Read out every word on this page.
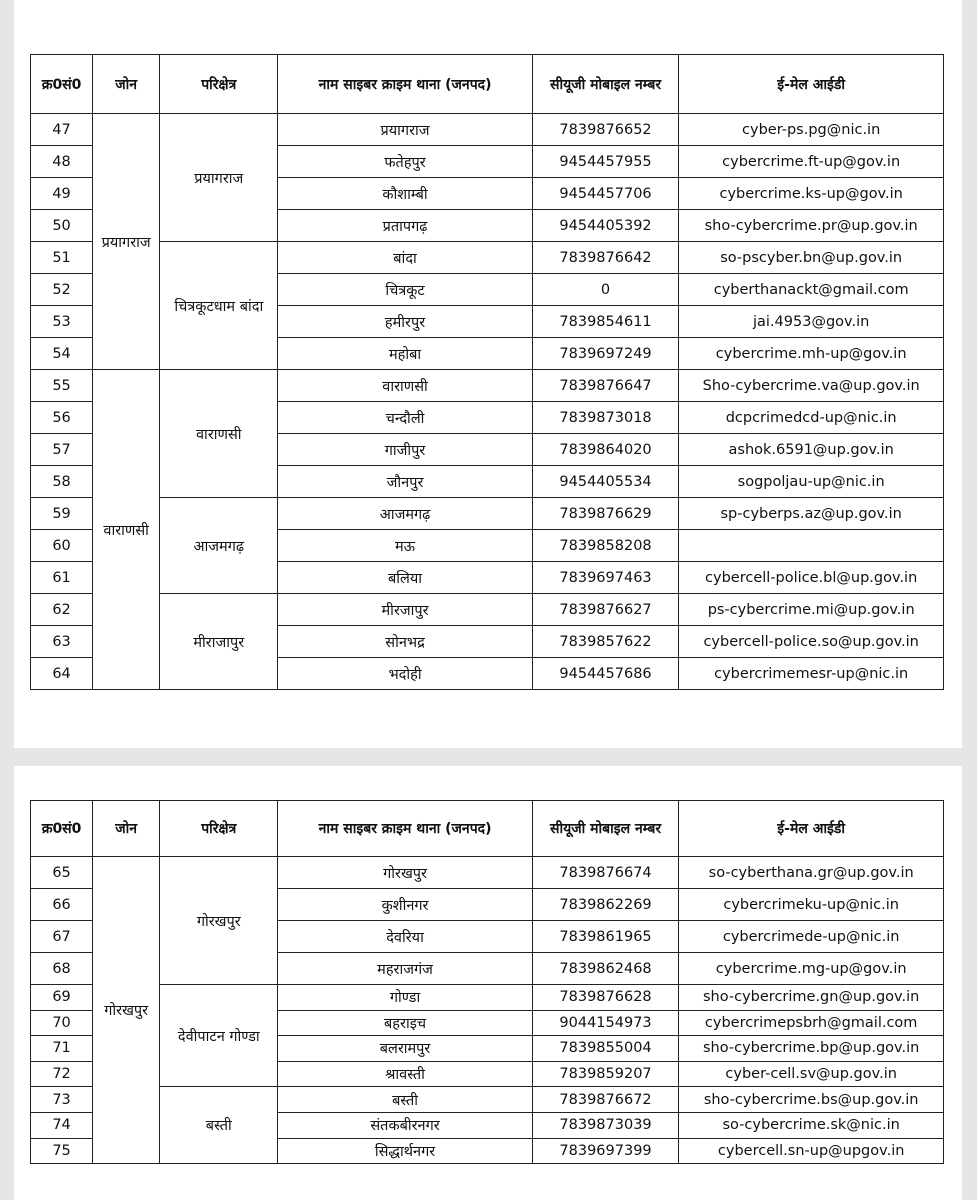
क्र0सं0	जोन	परिक्षेत्र	नाम साइबर क्राइम थाना (जनपद)	सीयूजी मोबाइल नम्बर	ई-मेल आईडी
47	प्रयागराज	प्रयागराज	प्रयागराज	7839876652	cyber-ps.pg@nic.in
48			फतेहपुर	9454457955	cybercrime.ft-up@gov.in
49			कौशाम्बी	9454457706	cybercrime.ks-up@gov.in
50			प्रतापगढ़	9454405392	sho-cybercrime.pr@up.gov.in
51		चित्रकूटधाम बांदा	बांदा	7839876642	so-pscyber.bn@up.gov.in
52			चित्रकूट	0	cyberthanackt@gmail.com
53			हमीरपुर	7839854611	jai.4953@gov.in
54			महोबा	7839697249	cybercrime.mh-up@gov.in
55	वाराणसी	वाराणसी	वाराणसी	7839876647	Sho-cybercrime.va@up.gov.in
56			चन्दौली	7839873018	dcpcrimedcd-up@nic.in
57			गाजीपुर	7839864020	ashok.6591@up.gov.in
58			जौनपुर	9454405534	sogpoljau-up@nic.in
59		आजमगढ़	आजमगढ़	7839876629	sp-cyberps.az@up.gov.in
60			मऊ	7839858208	
61			बलिया	7839697463	cybercell-police.bl@up.gov.in
62		मीराजापुर	मीरजापुर	7839876627	ps-cybercrime.mi@up.gov.in
63			सोनभद्र	7839857622	cybercell-police.so@up.gov.in
64			भदोही	9454457686	cybercrimemesr-up@nic.in
क्र0सं0	जोन	परिक्षेत्र	नाम साइबर क्राइम थाना (जनपद)	सीयूजी मोबाइल नम्बर	ई-मेल आईडी
65	गोरखपुर	गोरखपुर	गोरखपुर	7839876674	so-cyberthana.gr@up.gov.in
66			कुशीनगर	7839862269	cybercrimeku-up@nic.in
67			देवरिया	7839861965	cybercrimede-up@nic.in
68			महराजगंज	7839862468	cybercrime.mg-up@gov.in
69		देवीपाटन गोण्डा	गोण्डा	7839876628	sho-cybercrime.gn@up.gov.in
70			बहराइच	9044154973	cybercrimepsbrh@gmail.com
71			बलरामपुर	7839855004	sho-cybercrime.bp@up.gov.in
72			श्रावस्ती	7839859207	cyber-cell.sv@up.gov.in
73		बस्ती	बस्ती	7839876672	sho-cybercrime.bs@up.gov.in
74			संतकबीरनगर	7839873039	so-cybercrime.sk@nic.in
75			सिद्धार्थनगर	7839697399	cybercell.sn-up@upgov.in
